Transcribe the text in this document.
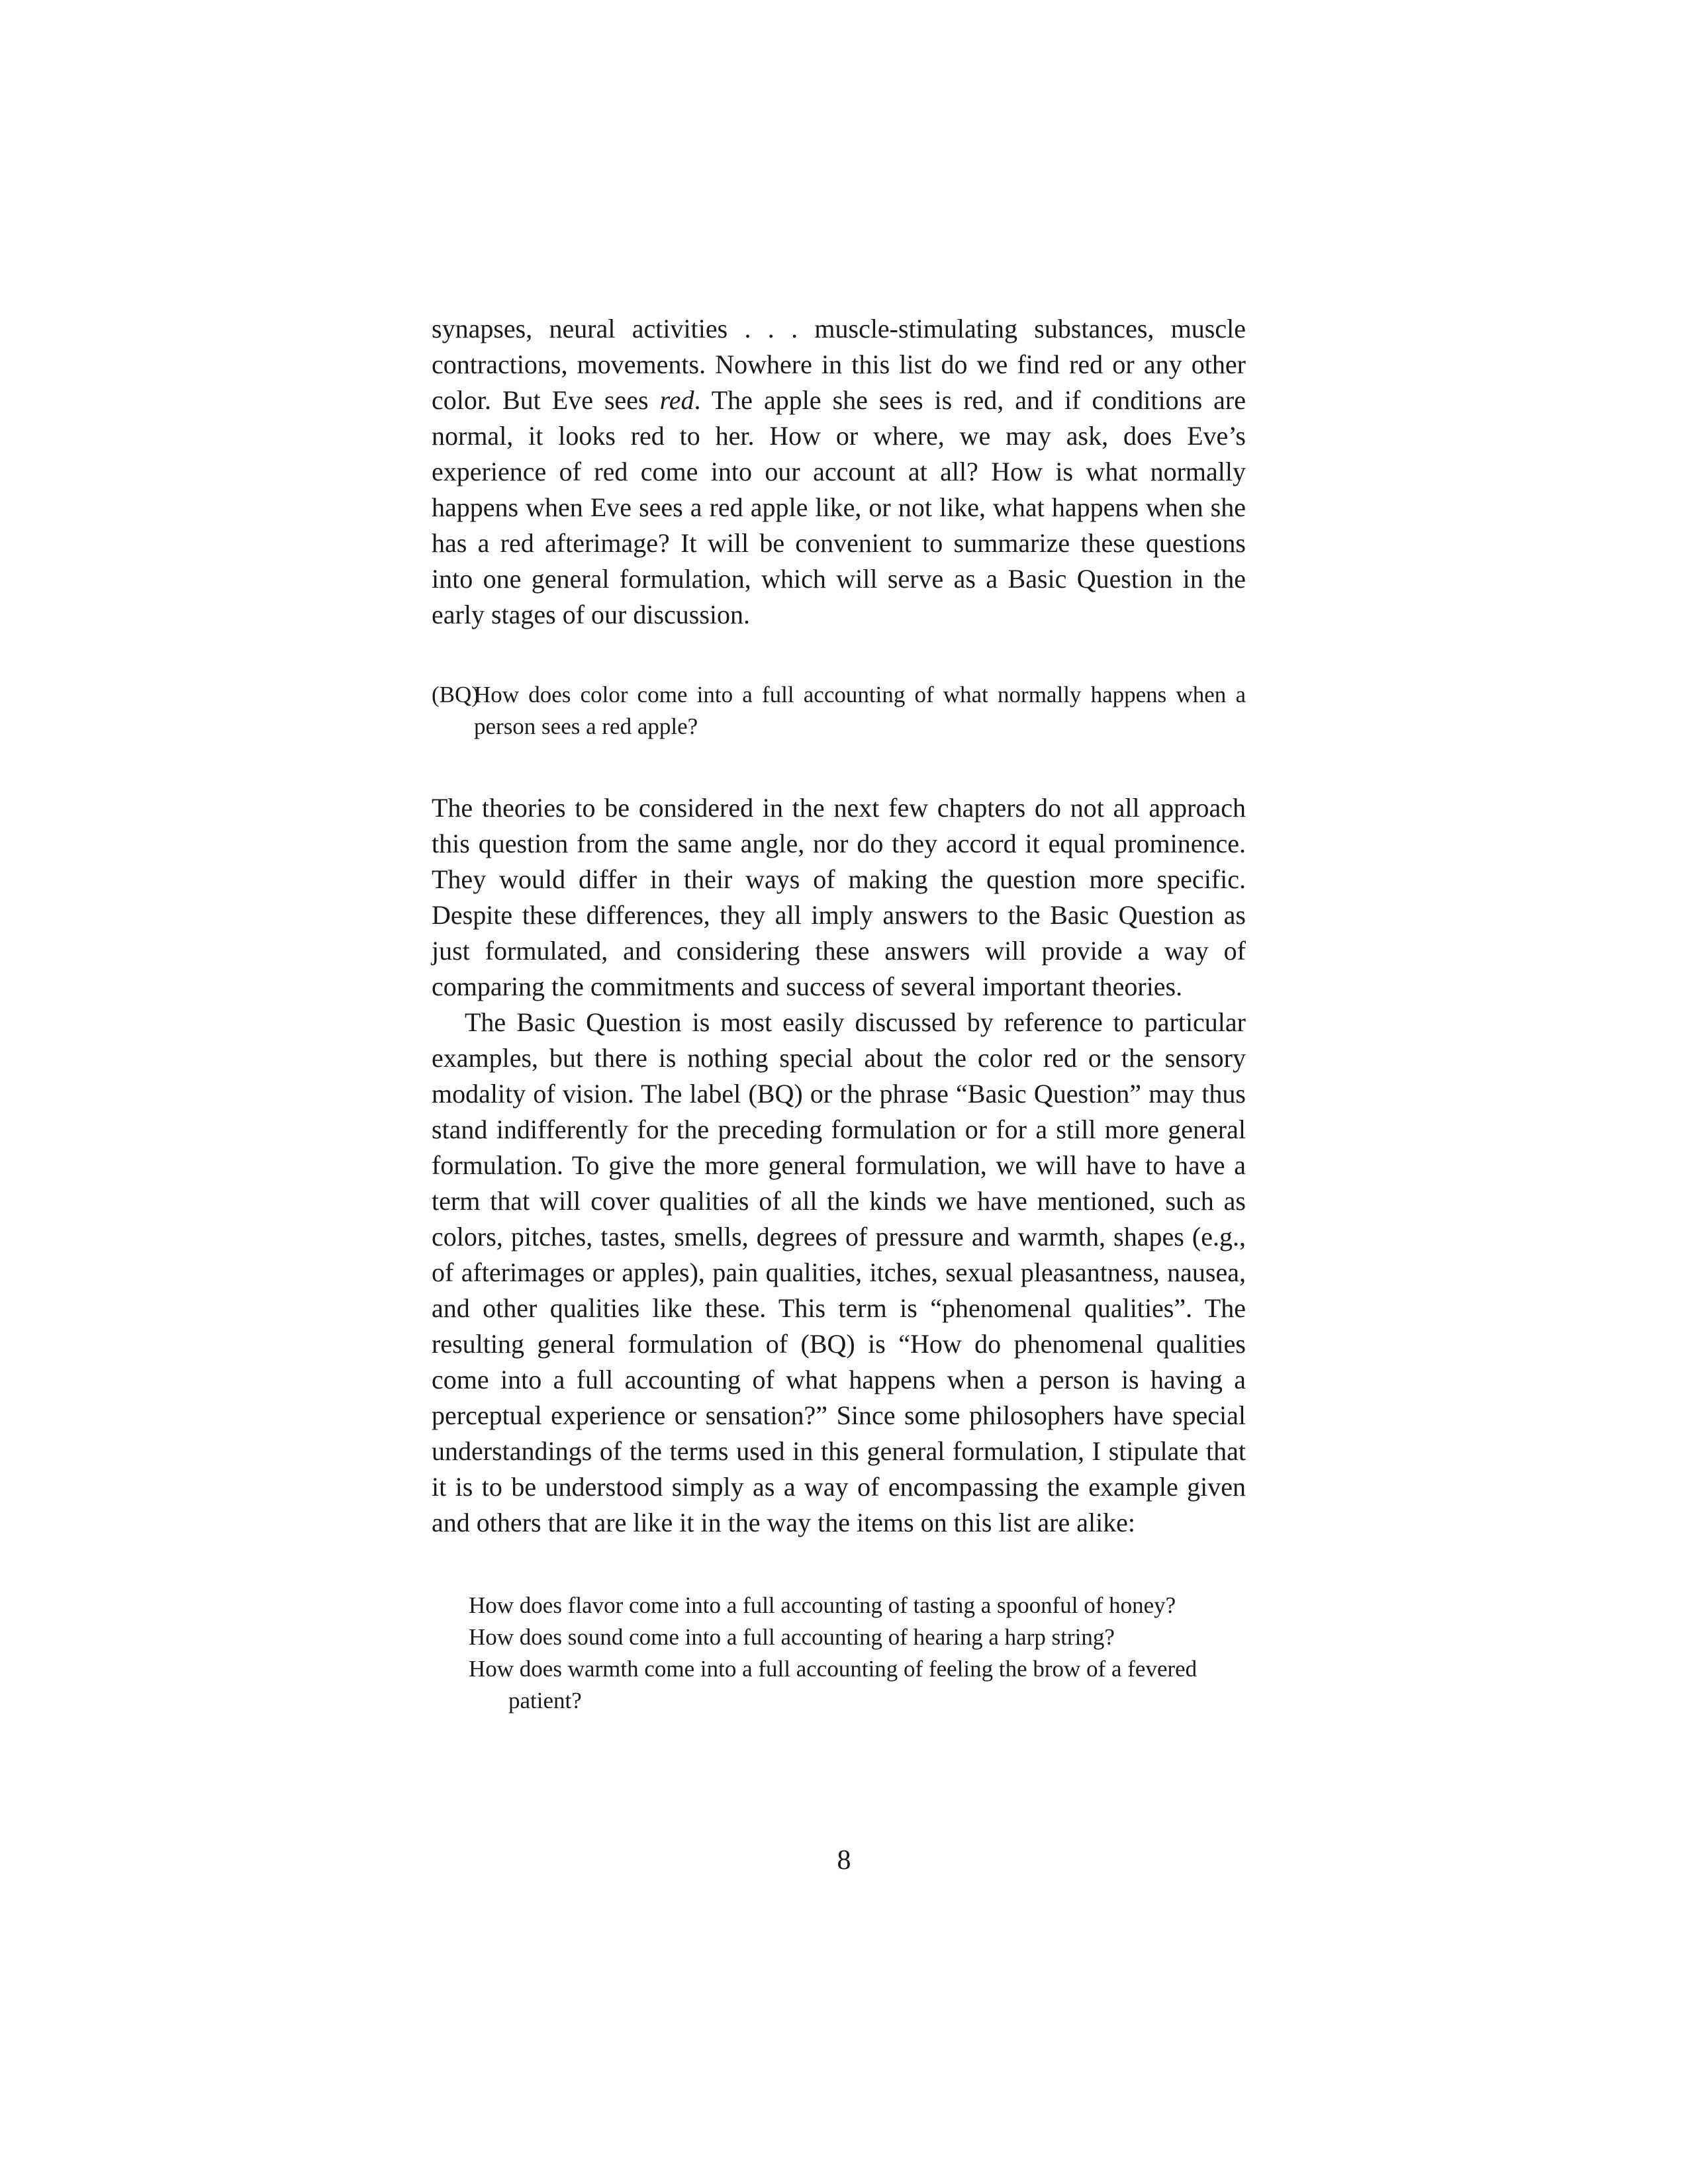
synapses, neural activities . . . muscle-stimulating substances, muscle contractions, movements. Nowhere in this list do we find red or any other color. But Eve sees red. The apple she sees is red, and if conditions are normal, it looks red to her. How or where, we may ask, does Eve’s experience of red come into our account at all? How is what normally happens when Eve sees a red apple like, or not like, what happens when she has a red afterimage? It will be convenient to summarize these questions into one general formulation, which will serve as a Basic Question in the early stages of our discussion.

(BQ)
How does color come into a full accounting of what normally happens when a person sees a red apple?

The theories to be considered in the next few chapters do not all approach this question from the same angle, nor do they accord it equal prominence. They would differ in their ways of making the question more specific. Despite these differences, they all imply answers to the Basic Question as just formulated, and considering these answers will provide a way of comparing the commitments and success of several important theories.

The Basic Question is most easily discussed by reference to particular examples, but there is nothing special about the color red or the sensory modality of vision. The label (BQ) or the phrase “Basic Question” may thus stand indifferently for the preceding formulation or for a still more general formulation. To give the more general formulation, we will have to have a term that will cover qualities of all the kinds we have mentioned, such as colors, pitches, tastes, smells, degrees of pressure and warmth, shapes (e.g., of afterimages or apples), pain qualities, itches, sexual pleasantness, nausea, and other qualities like these. This term is “phenomenal qualities”. The resulting general formulation of (BQ) is “How do phenomenal qualities come into a full accounting of what happens when a person is having a perceptual experience or sensation?” Since some philosophers have special understandings of the terms used in this general formulation, I stipulate that it is to be understood simply as a way of encompassing the example given and others that are like it in the way the items on this list are alike:

How does flavor come into a full accounting of tasting a spoonful of honey?

How does sound come into a full accounting of hearing a harp string?

How does warmth come into a full accounting of feeling the brow of a fevered patient?

8
